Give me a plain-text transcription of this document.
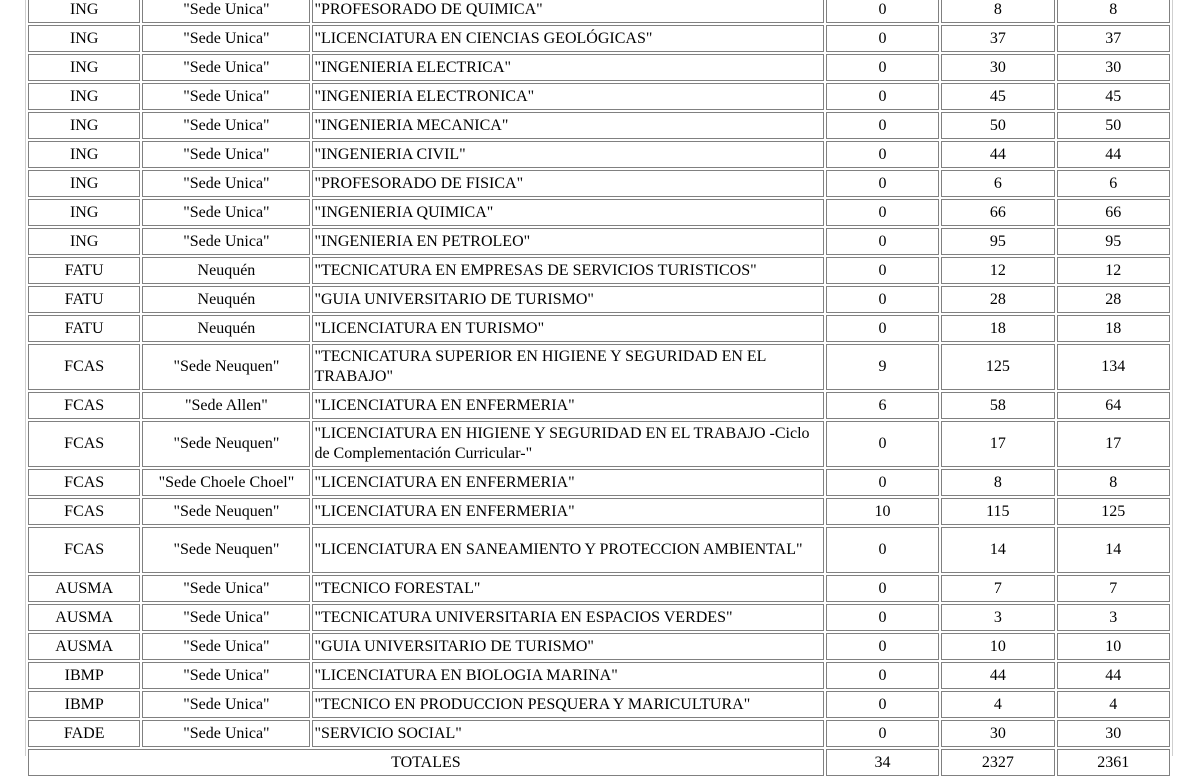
ING	"Sede Unica"	"PROFESORADO DE QUIMICA"	0	8	8
ING	"Sede Unica"	"LICENCIATURA EN CIENCIAS GEOLÓGICAS"	0	37	37
ING	"Sede Unica"	"INGENIERIA ELECTRICA"	0	30	30
ING	"Sede Unica"	"INGENIERIA ELECTRONICA"	0	45	45
ING	"Sede Unica"	"INGENIERIA MECANICA"	0	50	50
ING	"Sede Unica"	"INGENIERIA CIVIL"	0	44	44
ING	"Sede Unica"	"PROFESORADO DE FISICA"	0	6	6
ING	"Sede Unica"	"INGENIERIA QUIMICA"	0	66	66
ING	"Sede Unica"	"INGENIERIA EN PETROLEO"	0	95	95
FATU	Neuquén	"TECNICATURA EN EMPRESAS DE SERVICIOS TURISTICOS"	0	12	12
FATU	Neuquén	"GUIA UNIVERSITARIO DE TURISMO"	0	28	28
FATU	Neuquén	"LICENCIATURA EN TURISMO"	0	18	18
FCAS	"Sede Neuquen"	"TECNICATURA SUPERIOR EN HIGIENE Y SEGURIDAD EN EL TRABAJO"	9	125	134
FCAS	"Sede Allen"	"LICENCIATURA EN ENFERMERIA"	6	58	64
FCAS	"Sede Neuquen"	"LICENCIATURA EN HIGIENE Y SEGURIDAD EN EL TRABAJO -Ciclo de Complementación Curricular-"	0	17	17
FCAS	"Sede Choele Choel"	"LICENCIATURA EN ENFERMERIA"	0	8	8
FCAS	"Sede Neuquen"	"LICENCIATURA EN ENFERMERIA"	10	115	125
FCAS	"Sede Neuquen"	"LICENCIATURA EN SANEAMIENTO Y PROTECCION AMBIENTAL"	0	14	14
AUSMA	"Sede Unica"	"TECNICO FORESTAL"	0	7	7
AUSMA	"Sede Unica"	"TECNICATURA UNIVERSITARIA EN ESPACIOS VERDES"	0	3	3
AUSMA	"Sede Unica"	"GUIA UNIVERSITARIO DE TURISMO"	0	10	10
IBMP	"Sede Unica"	"LICENCIATURA EN BIOLOGIA MARINA"	0	44	44
IBMP	"Sede Unica"	"TECNICO EN PRODUCCION PESQUERA Y MARICULTURA"	0	4	4
FADE	"Sede Unica"	"SERVICIO SOCIAL"	0	30	30
TOTALES			34	2327	2361
